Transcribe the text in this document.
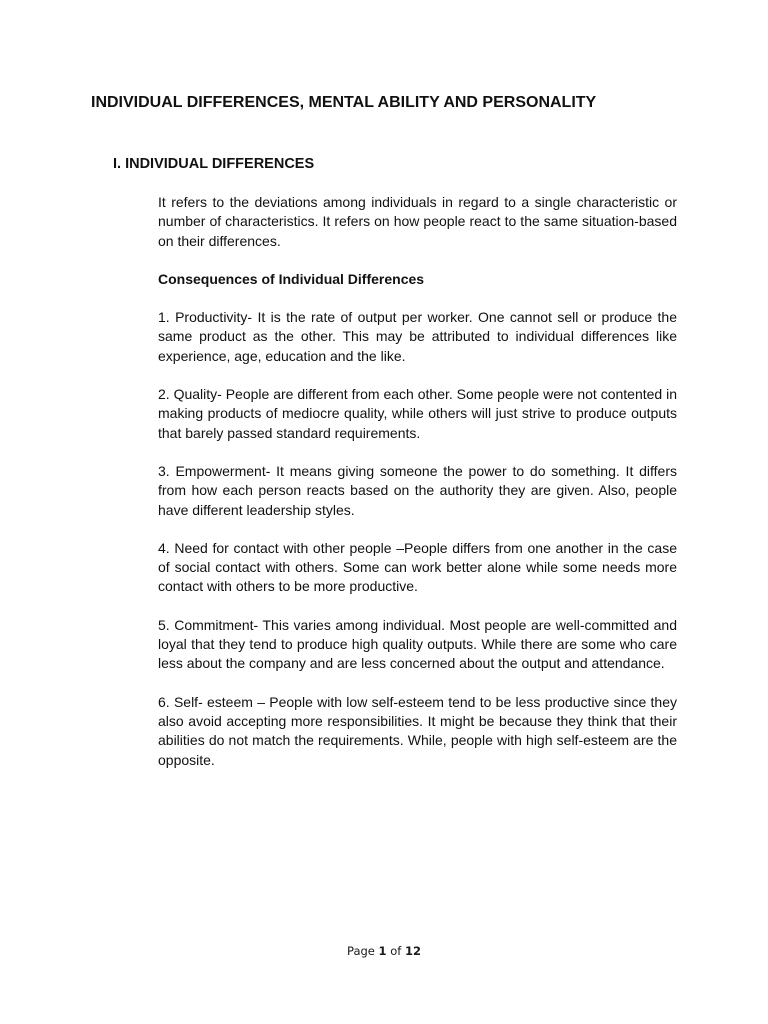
INDIVIDUAL DIFFERENCES, MENTAL ABILITY AND PERSONALITY
I. INDIVIDUAL DIFFERENCES

It refers to the deviations among individuals in regard to a single characteristic or number of characteristics. It refers on how people react to the same situation-based on their differences.

Consequences of Individual Differences

1. Productivity- It is the rate of output per worker. One cannot sell or produce the same product as the other. This may be attributed to individual differences like experience, age, education and the like.

2. Quality- People are different from each other. Some people were not contented in making products of mediocre quality, while others will just strive to produce outputs that barely passed standard requirements.

3. Empowerment- It means giving someone the power to do something. It differs from how each person reacts based on the authority they are given. Also, people have different leadership styles.

4. Need for contact with other people –People differs from one another in the case of social contact with others. Some can work better alone while some needs more contact with others to be more productive.

5. Commitment- This varies among individual. Most people are well-committed and loyal that they tend to produce high quality outputs. While there are some who care less about the company and are less concerned about the output and attendance.

6. Self- esteem – People with low self-esteem tend to be less productive since they also avoid accepting more responsibilities. It might be because they think that their abilities do not match the requirements. While, people with high self-esteem are the opposite.

Page 1 of 12
